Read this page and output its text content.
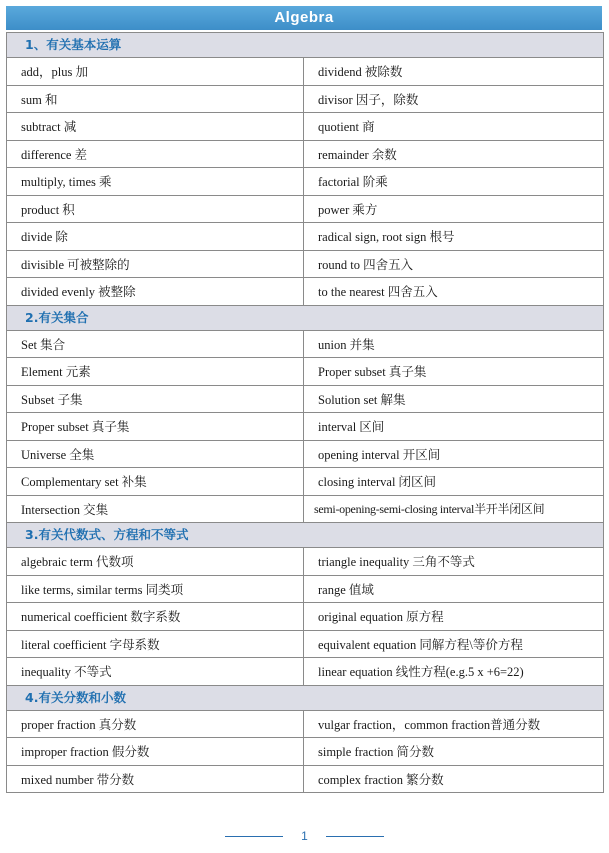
Algebra
1、有关基本运算
add，plus 加	dividend 被除数
sum 和	divisor 因子，除数
subtract 减	quotient 商
difference 差	remainder 余数
multiply, times 乘	factorial 阶乘
product 积	power 乘方
divide 除	radical sign, root sign 根号
divisible 可被整除的	round to 四舍五入
divided evenly 被整除	to the nearest 四舍五入
2.有关集合
Set 集合	union 并集
Element 元素	Proper subset 真子集
Subset 子集	Solution set 解集
Proper subset 真子集	interval 区间
Universe 全集	opening interval 开区间
Complementary set 补集	closing interval 闭区间
Intersection 交集	semi-opening-semi-closing interval半开半闭区间
3.有关代数式、方程和不等式
algebraic term 代数项	triangle inequality 三角不等式
like terms, similar terms 同类项	range 值域
numerical coefficient 数字系数	original equation 原方程
literal coefficient 字母系数	equivalent equation 同解方程\等价方程
inequality 不等式	linear equation 线性方程(e.g.5 x +6=22)
4.有关分数和小数
proper fraction 真分数	vulgar fraction，common fraction普通分数
improper fraction 假分数	simple fraction 简分数
mixed number 带分数	complex fraction 繁分数
1
